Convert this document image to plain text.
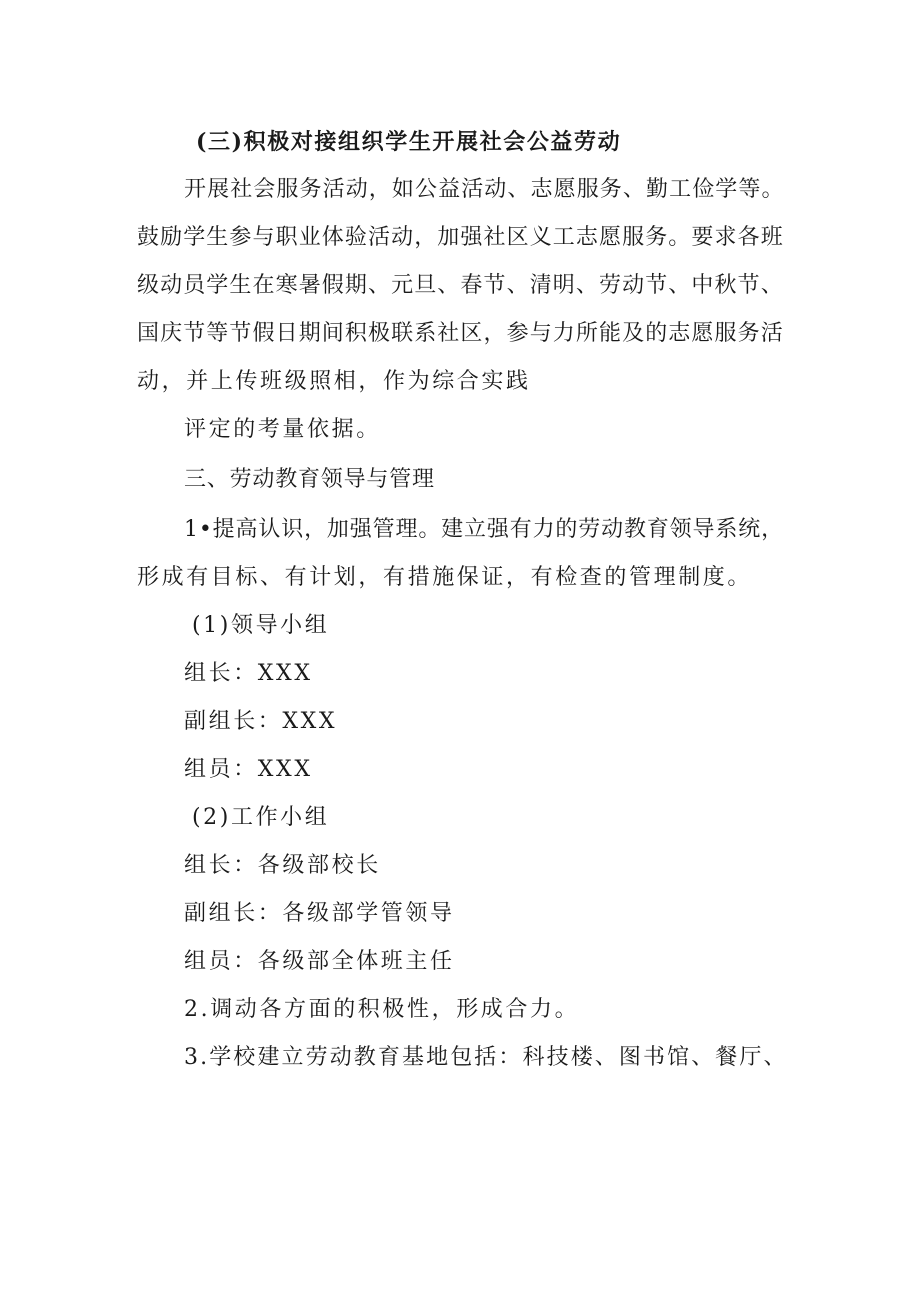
(三)积极对接组织学生开展社会公益劳动
开展社会服务活动，如公益活动、志愿服务、勤工俭学等。
鼓励学生参与职业体验活动，加强社区义工志愿服务。要求各班
级动员学生在寒暑假期、元旦、春节、清明、劳动节、中秋节、
国庆节等节假日期间积极联系社区，参与力所能及的志愿服务活
动，并上传班级照相，作为综合实践
评定的考量依据。
三、劳动教育领导与管理
1•提高认识，加强管理。建立强有力的劳动教育领导系统，
形成有目标、有计划，有措施保证，有检查的管理制度。
(1)领导小组
组长：XXX
副组长：XXX
组员：XXX
(2)工作小组
组长：各级部校长
副组长：各级部学管领导
组员：各级部全体班主任
2.调动各方面的积极性，形成合力。
3.学校建立劳动教育基地包括：科技楼、图书馆、餐厅、
